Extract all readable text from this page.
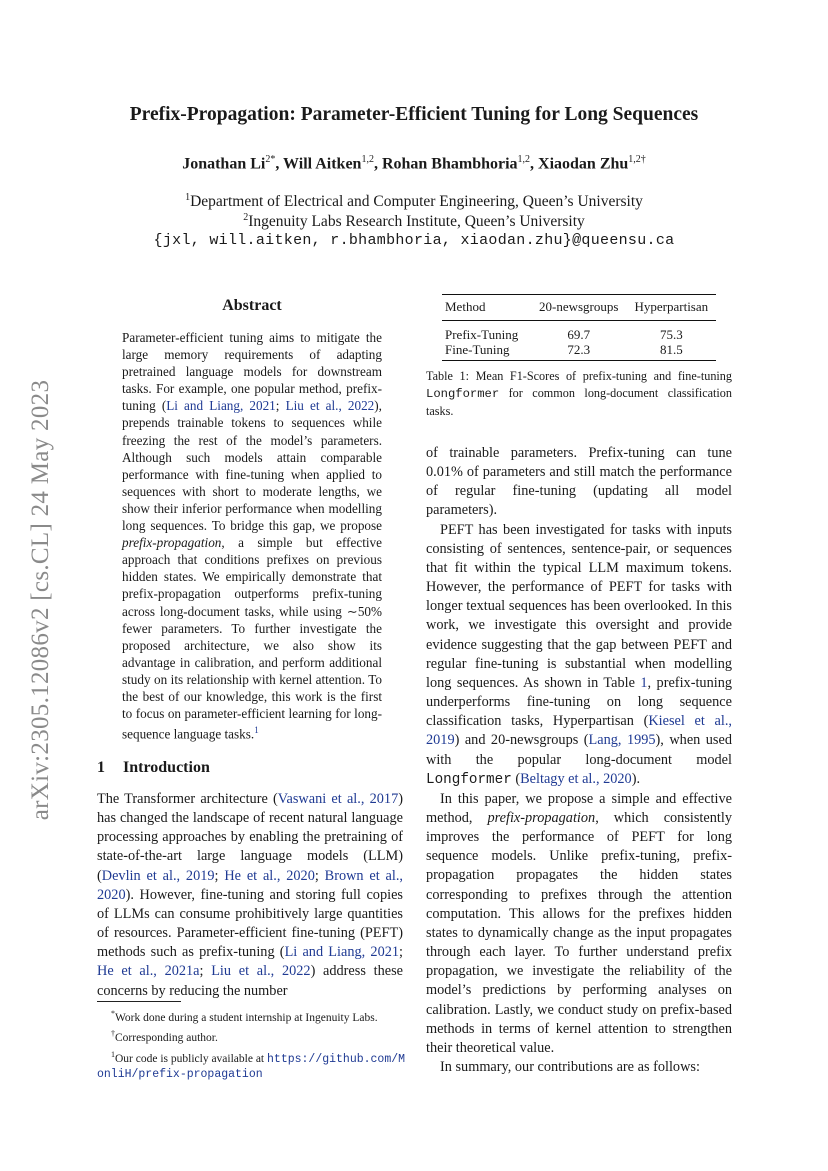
arXiv:2305.12086v2 [cs.CL] 24 May 2023
Prefix-Propagation: Parameter-Efficient Tuning for Long Sequences
Jonathan $Li^{2*}$, Will Aitken$^{1,2}$, Rohan Bhambhoria$^{1,2}$, Xiaodan Zhu$^{1,2\dagger}$
$^1$Department of Electrical and Computer Engineering, Queen’s University
$^2$Ingenuity Labs Research Institute, Queen’s University
{jxl, will.aitken, r.bhambhoria, xiaodan.zhu}@queensu.ca
Abstract
Parameter-efficient tuning aims to mitigate the large memory requirements of adapting pretrained language models for downstream tasks. For example, one popular method, prefix-tuning (Li and Liang, 2021; Liu et al., 2022), prepends trainable tokens to sequences while freezing the rest of the model’s parameters. Although such models attain comparable performance with fine-tuning when applied to sequences with short to moderate lengths, we show their inferior performance when modelling long sequences. To bridge this gap, we propose prefix-propagation, a simple but effective approach that conditions prefixes on previous hidden states. We empirically demonstrate that prefix-propagation outperforms prefix-tuning across long-document tasks, while using ∼50% fewer parameters. To further investigate the proposed architecture, we also show its advantage in calibration, and perform additional study on its relationship with kernel attention. To the best of our knowledge, this work is the first to focus on parameter-efficient learning for long-sequence language tasks.$^1$
1 Introduction
The Transformer architecture (Vaswani et al., 2017) has changed the landscape of recent natural language processing approaches by enabling the pretraining of state-of-the-art large language models (LLM) (Devlin et al., 2019; He et al., 2020; Brown et al., 2020). However, fine-tuning and storing full copies of LLMs can consume prohibitively large quantities of resources. Parameter-efficient fine-tuning (PEFT) methods such as prefix-tuning (Li and Liang, 2021; He et al., 2021a; Liu et al., 2022) address these concerns by reducing the number

*Work done during a student internship at Ingenuity Labs.

†Corresponding author.

$^1$Our code is publicly available at https://github.com/MonliH/prefix-propagation

Method	20-newsgroups	Hyperpartisan
Prefix-Tuning	69.7	75.3
Fine-Tuning	72.3	81.5
Table 1: Mean F1-Scores of prefix-tuning and fine-tuning Longformer for common long-document classification tasks.

of trainable parameters. Prefix-tuning can tune 0.01% of parameters and still match the performance of regular fine-tuning (updating all model parameters).

PEFT has been investigated for tasks with inputs consisting of sentences, sentence-pair, or sequences that fit within the typical LLM maximum tokens. However, the performance of PEFT for tasks with longer textual sequences has been overlooked. In this work, we investigate this oversight and provide evidence suggesting that the gap between PEFT and regular fine-tuning is substantial when modelling long sequences. As shown in Table 1, prefix-tuning underperforms fine-tuning on long sequence classification tasks, Hyperpartisan (Kiesel et al., 2019) and 20-newsgroups (Lang, 1995), when used with the popular long-document model Longformer (Beltagy et al., 2020).

In this paper, we propose a simple and effective method, prefix-propagation, which consistently improves the performance of PEFT for long sequence models. Unlike prefix-tuning, prefix-propagation propagates the hidden states corresponding to prefixes through the attention computation. This allows for the prefixes hidden states to dynamically change as the input propagates through each layer. To further understand prefix propagation, we investigate the reliability of the model’s predictions by performing analyses on calibration. Lastly, we conduct study on prefix-based methods in terms of kernel attention to strengthen their theoretical value.

In summary, our contributions are as follows:
